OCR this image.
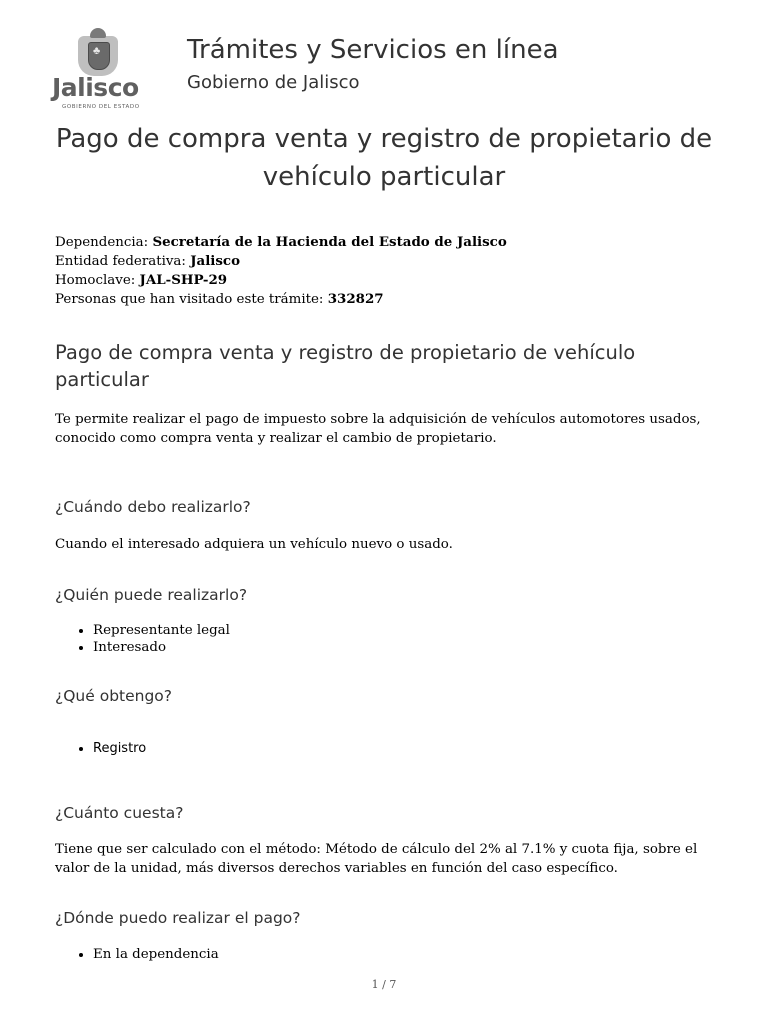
♣
Jalisco
GOBIERNO DEL ESTADO
Trámites y Servicios en línea
Gobierno de Jalisco
Pago de compra venta y registro de propietario de vehículo particular
Dependencia: Secretaría de la Hacienda del Estado de Jalisco
Entidad federativa: Jalisco
Homoclave: JAL-SHP-29
Personas que han visitado este trámite: 332827
Pago de compra venta y registro de propietario de vehículo particular
Te permite realizar el pago de impuesto sobre la adquisición de vehículos automotores usados, conocido como compra venta y realizar el cambio de propietario.
¿Cuándo debo realizarlo?
Cuando el interesado adquiera un vehículo nuevo o usado.
¿Quién puede realizarlo?
• Representante legal
• Interesado
¿Qué obtengo?
• Registro
¿Cuánto cuesta?
Tiene que ser calculado con el método: Método de cálculo del 2% al 7.1% y cuota fija, sobre el valor de la unidad, más diversos derechos variables en función del caso específico.
¿Dónde puedo realizar el pago?
• En la dependencia
1 / 7
